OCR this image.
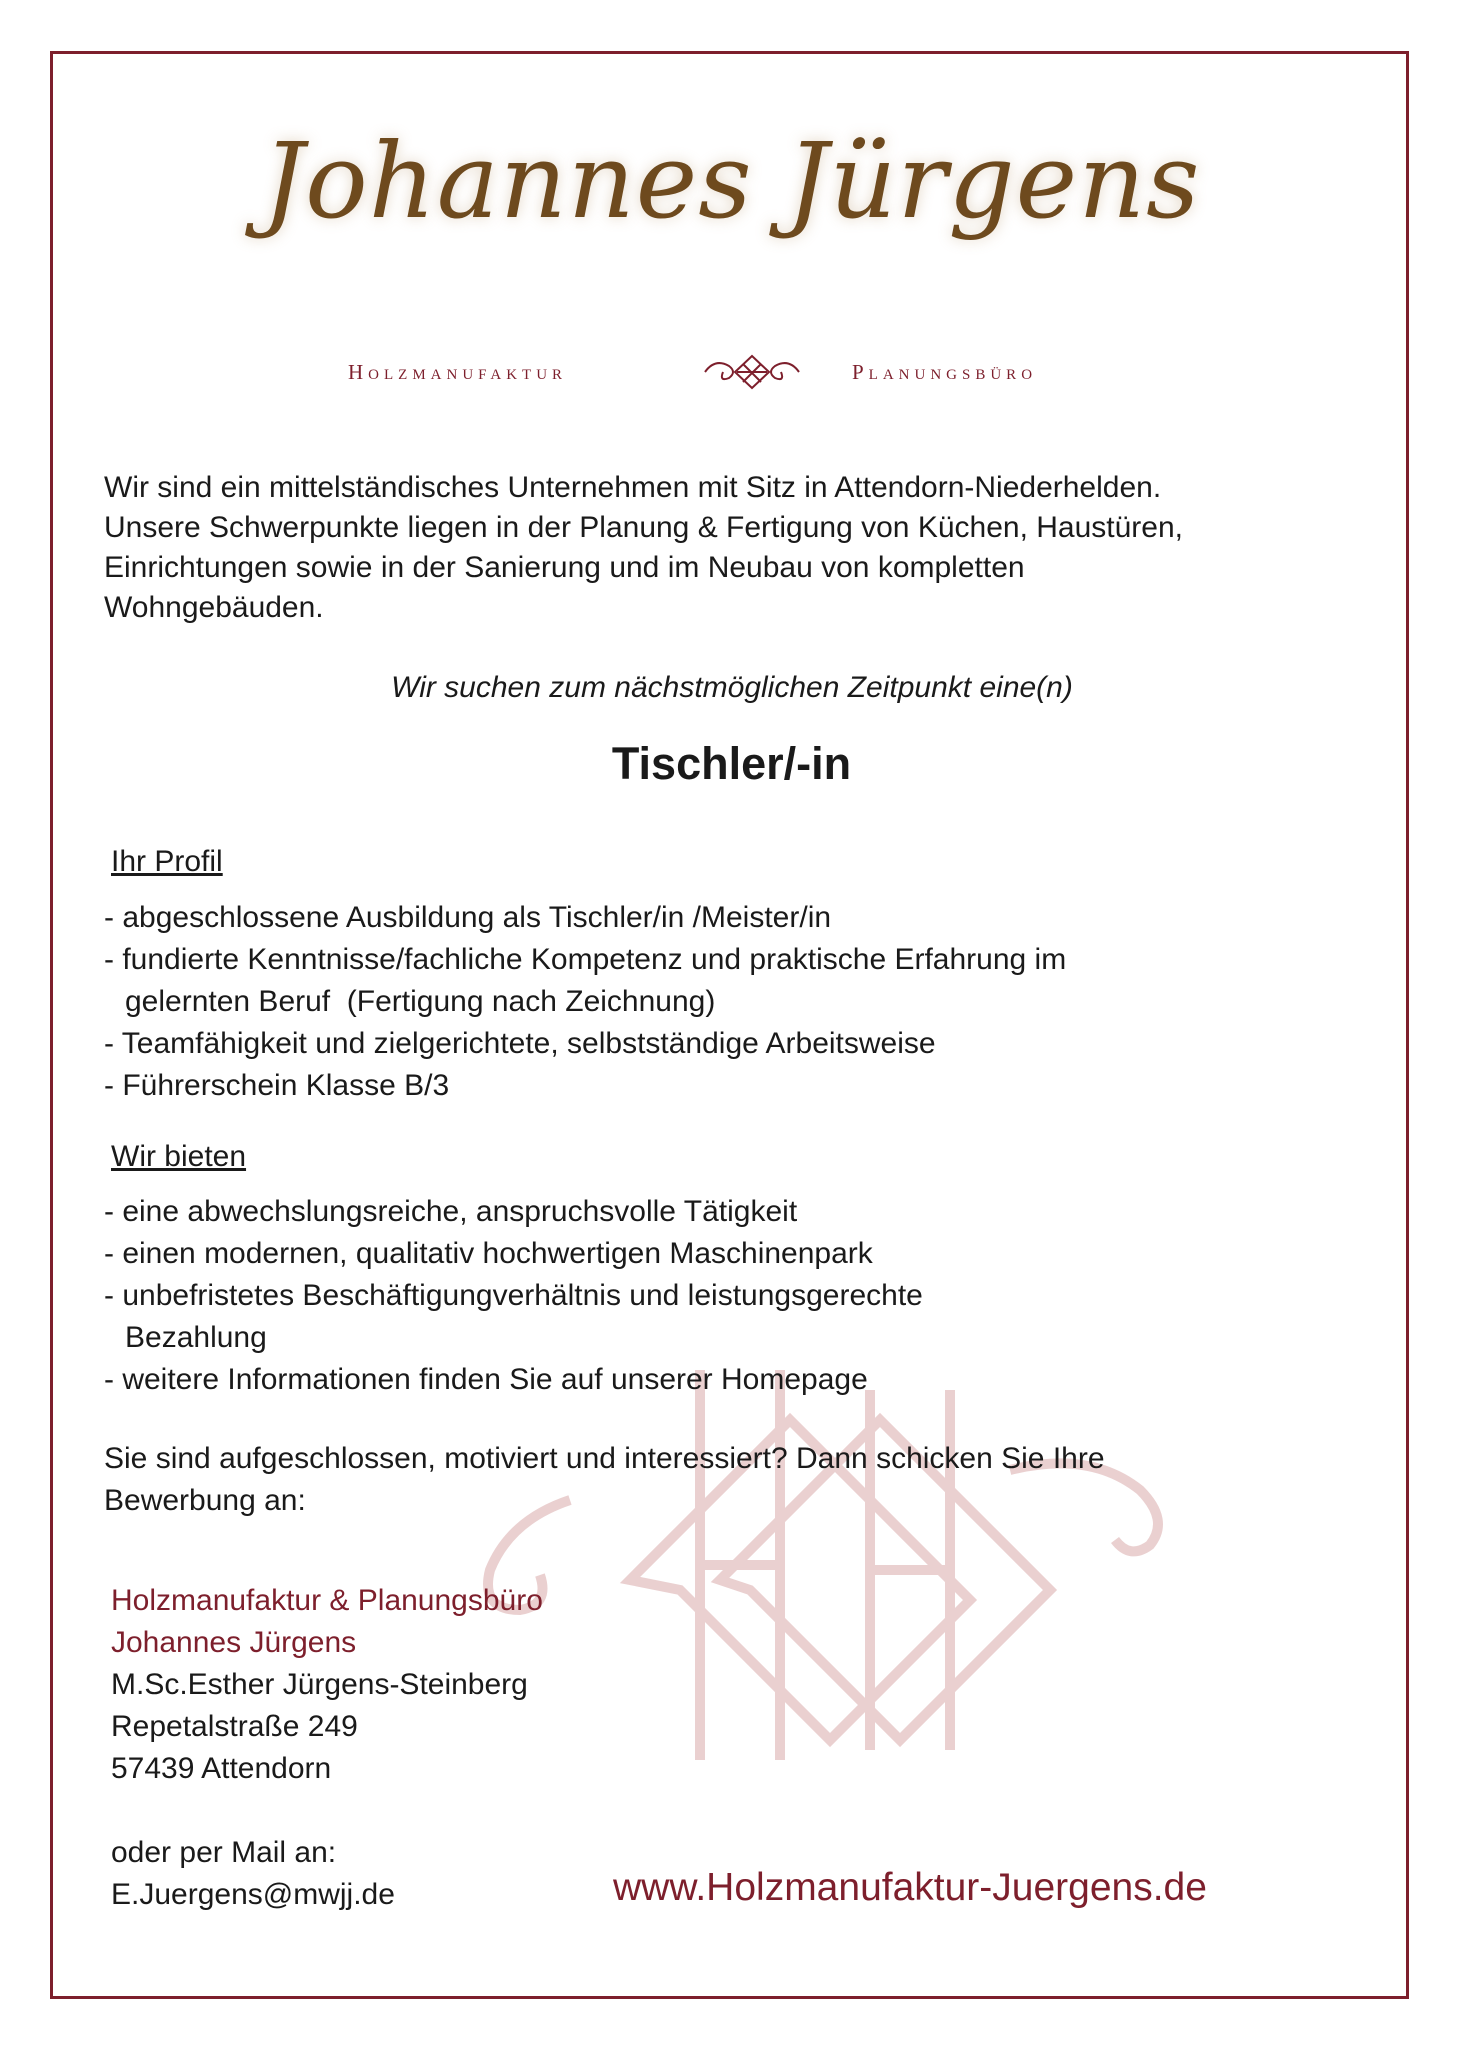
Johannes Jürgens
Holzmanufaktur	Planungsbüro

Wir sind ein mittelständisches Unternehmen mit Sitz in Attendorn-Niederhelden.
Unsere Schwerpunkte liegen in der Planung & Fertigung von Küchen, Haustüren,
Einrichtungen sowie in der Sanierung und im Neubau von kompletten
Wohngebäuden.

Wir suchen zum nächstmöglichen Zeitpunkt eine(n)

Tischler/-in

Ihr Profil

- abgeschlossene Ausbildung als Tischler/in /Meister/in
- fundierte Kenntnisse/fachliche Kompetenz und praktische Erfahrung im
gelernten Beruf  (Fertigung nach Zeichnung)
- Teamfähigkeit und zielgerichtete, selbstständige Arbeitsweise
- Führerschein Klasse B/3

Wir bieten

- eine abwechslungsreiche, anspruchsvolle Tätigkeit
- einen modernen, qualitativ hochwertigen Maschinenpark
- unbefristetes Beschäftigungverhältnis und leistungsgerechte
Bezahlung
- weitere Informationen finden Sie auf unserer Homepage

Sie sind aufgeschlossen, motiviert und interessiert? Dann schicken Sie Ihre
Bewerbung an:

Holzmanufaktur & Planungsbüro
Johannes Jürgens
M.Sc.Esther Jürgens-Steinberg
Repetalstraße 249
57439 Attendorn
oder per Mail an:
E.Juergens@mwjj.de	www.Holzmanufaktur-Juergens.de
